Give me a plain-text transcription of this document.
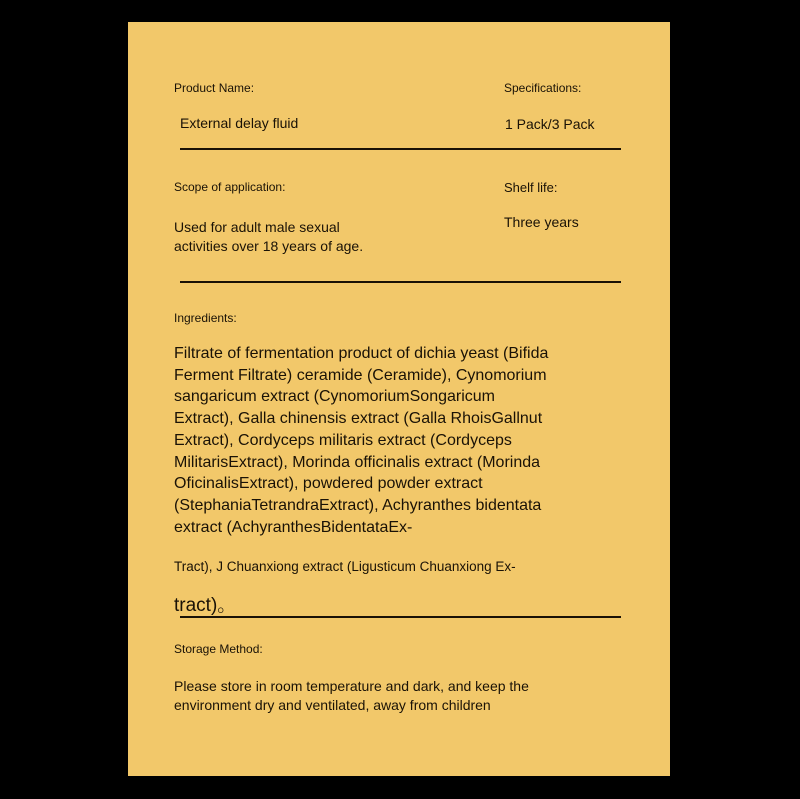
Product Name:

External delay fluid

Specifications:

1 Pack/3 Pack

Scope of application:

Used for adult male sexual
activities over 18 years of age.

Shelf life:

Three years

Ingredients:

Filtrate of fermentation product of dichia yeast (Bifida
Ferment Filtrate) ceramide (Ceramide), Cynomorium
sangaricum extract (CynomoriumSongaricum
Extract), Galla chinensis extract (Galla RhoisGallnut
Extract), Cordyceps militaris extract (Cordyceps
MilitarisExtract), Morinda officinalis extract (Morinda
OficinalisExtract), powdered powder extract
(StephaniaTetrandraExtract), Achyranthes bidentata
extract (AchyranthesBidentataEx-

Tract), J Chuanxiong extract (Ligusticum Chuanxiong Ex-

tract)。

Storage Method:

Please store in room temperature and dark, and keep the
environment dry and ventilated, away from children
